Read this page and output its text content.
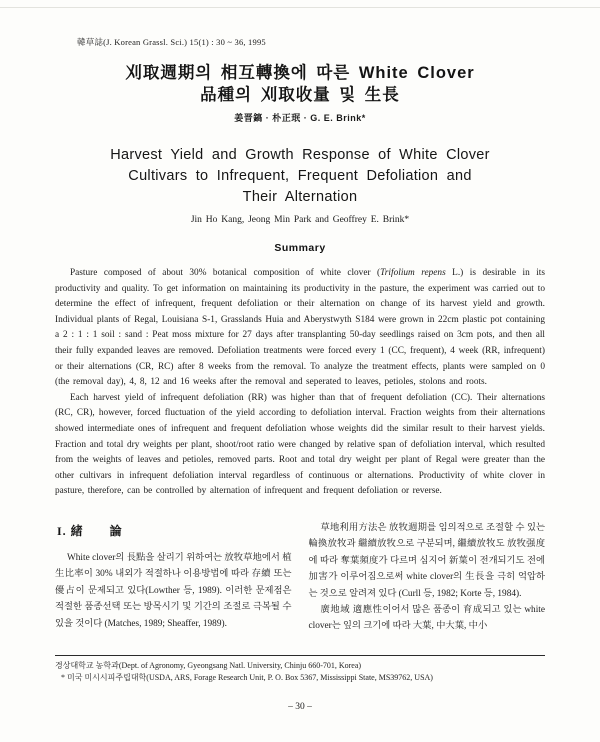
韓草誌(J. Korean Grassl. Sci.) 15(1) : 30 ~ 36, 1995
刈取週期의 相互轉換에 따른 White Clover
品種의 刈取收量 및 生長
姜晋鎬 · 朴正珉 · G. E. Brink*
Harvest Yield and Growth Response of White Clover
Cultivars to Infrequent, Frequent Defoliation and
Their Alternation
Jin Ho Kang, Jeong Min Park and Geoffrey E. Brink*
Summary

Pasture composed of about 30% botanical composition of white clover (Trifolium repens L.) is desirable in its productivity and quality. To get information on maintaining its productivity in the pasture, the experiment was carried out to determine the effect of infrequent, frequent defoliation or their alternation on change of its harvest yield and growth. Individual plants of Regal, Louisiana S-1, Grasslands Huia and Aberystwyth S184 were grown in 22cm plastic pot containing a 2 : 1 : 1 soil : sand : Peat moss mixture for 27 days after transplanting 50-day seedlings raised on 3cm pots, and then all their fully expanded leaves are removed. Defoliation treatments were forced every 1 (CC, frequent), 4 week (RR, infrequent) or their alternations (CR, RC) after 8 weeks from the removal. To analyze the treatment effects, plants were sampled on 0 (the removal day), 4, 8, 12 and 16 weeks after the removal and seperated to leaves, petioles, stolons and roots.

Each harvest yield of infrequent defoliation (RR) was higher than that of frequent defoliation (CC). Their alternations (RC, CR), however, forced fluctuation of the yield according to defoliation interval. Fraction weights from their alternations showed intermediate ones of infrequent and frequent defoliation whose weights did the similar result to their harvest yields. Fraction and total dry weights per plant, shoot/root ratio were changed by relative span of defoliation interval, which resulted from the weights of leaves and petioles, removed parts. Root and total dry weight per plant of Regal were greater than the other cultivars in infrequent defoliation interval regardless of continuous or alternations. Productivity of white clover in pasture, therefore, can be controlled by alternation of infrequent and frequent defoliation or reverse.

I. 緒　　論

White clover의 長點을 살리기 위하여는 放牧草地에서 植生比率이 30% 내외가 적절하나 이용방법에 따라 存續 또는 優占이 문제되고 있다(Lowther 등, 1989). 이러한 문제점은 적절한 품종선택 또는 방목시기 및 기간의 조절로 극복될 수 있을 것이다 (Matches, 1989; Sheaffer, 1989).

草地利用方法은 放牧週期를 임의적으로 조절할 수 있는 輪換放牧과 繼續放牧으로 구분되며, 繼續放牧도 放牧强度에 따라 奪葉頻度가 다르며 심지어 新葉이 전개되기도 전에 加害가 이루어짐으로써 white clover의 生長을 극히 억압하는 것으로 알려져 있다 (Curll 등, 1982; Korte 등, 1984).

廣地域 適應性이어서 많은 품종이 育成되고 있는 white clover는 잎의 크기에 따라 大葉, 中大葉, 中小

경상대학교 농학과(Dept. of Agronomy, Gyeongsang Natl. University, Chinju 660-701, Korea)
* 미국 미시시피주립대학(USDA, ARS, Forage Research Unit, P. O. Box 5367, Mississippi State, MS39762, USA)
– 30 –
